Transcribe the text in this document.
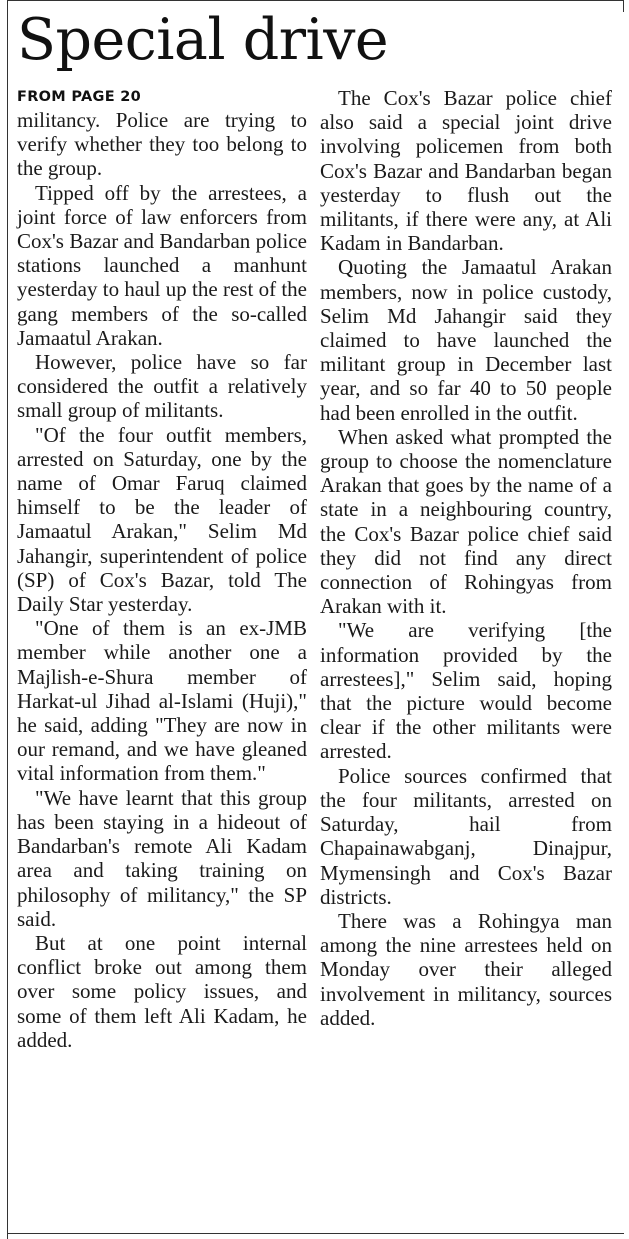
Special drive
FROM PAGE 20

militancy. Police are trying to verify whether they too belong to the group.

Tipped off by the arrestees, a joint force of law enforcers from Cox's Bazar and Bandarban police stations launched a manhunt yesterday to haul up the rest of the gang members of the so-called Jamaatul Arakan.

However, police have so far considered the outfit a relatively small group of militants.

"Of the four outfit members, arrested on Saturday, one by the name of Omar Faruq claimed himself to be the leader of Jamaatul Arakan," Selim Md Jahangir, superintendent of police (SP) of Cox's Bazar, told The Daily Star yesterday.

"One of them is an ex-JMB member while another one a Majlish-e-Shura member of Harkat-ul Jihad al-Islami (Huji)," he said, adding "They are now in our remand, and we have gleaned vital information from them."

"We have learnt that this group has been staying in a hideout of Bandarban's remote Ali Kadam area and taking training on philosophy of militancy," the SP said.

But at one point internal conflict broke out among them over some policy issues, and some of them left Ali Kadam, he added.

The Cox's Bazar police chief also said a special joint drive involving policemen from both Cox's Bazar and Bandarban began yesterday to flush out the militants, if there were any, at Ali Kadam in Bandarban.

Quoting the Jamaatul Arakan members, now in police custody, Selim Md Jahangir said they claimed to have launched the militant group in December last year, and so far 40 to 50 people had been enrolled in the outfit.

When asked what prompted the group to choose the nomenclature Arakan that goes by the name of a state in a neighbouring country, the Cox's Bazar police chief said they did not find any direct connection of Rohingyas from Arakan with it.

"We are verifying [the information provided by the arrestees]," Selim said, hoping that the picture would become clear if the other militants were arrested.

Police sources confirmed that the four militants, arrested on Saturday, hail from Chapainawabganj, Dinajpur, Mymensingh and Cox's Bazar districts.

There was a Rohingya man among the nine arrestees held on Monday over their alleged involvement in militancy, sources added.
